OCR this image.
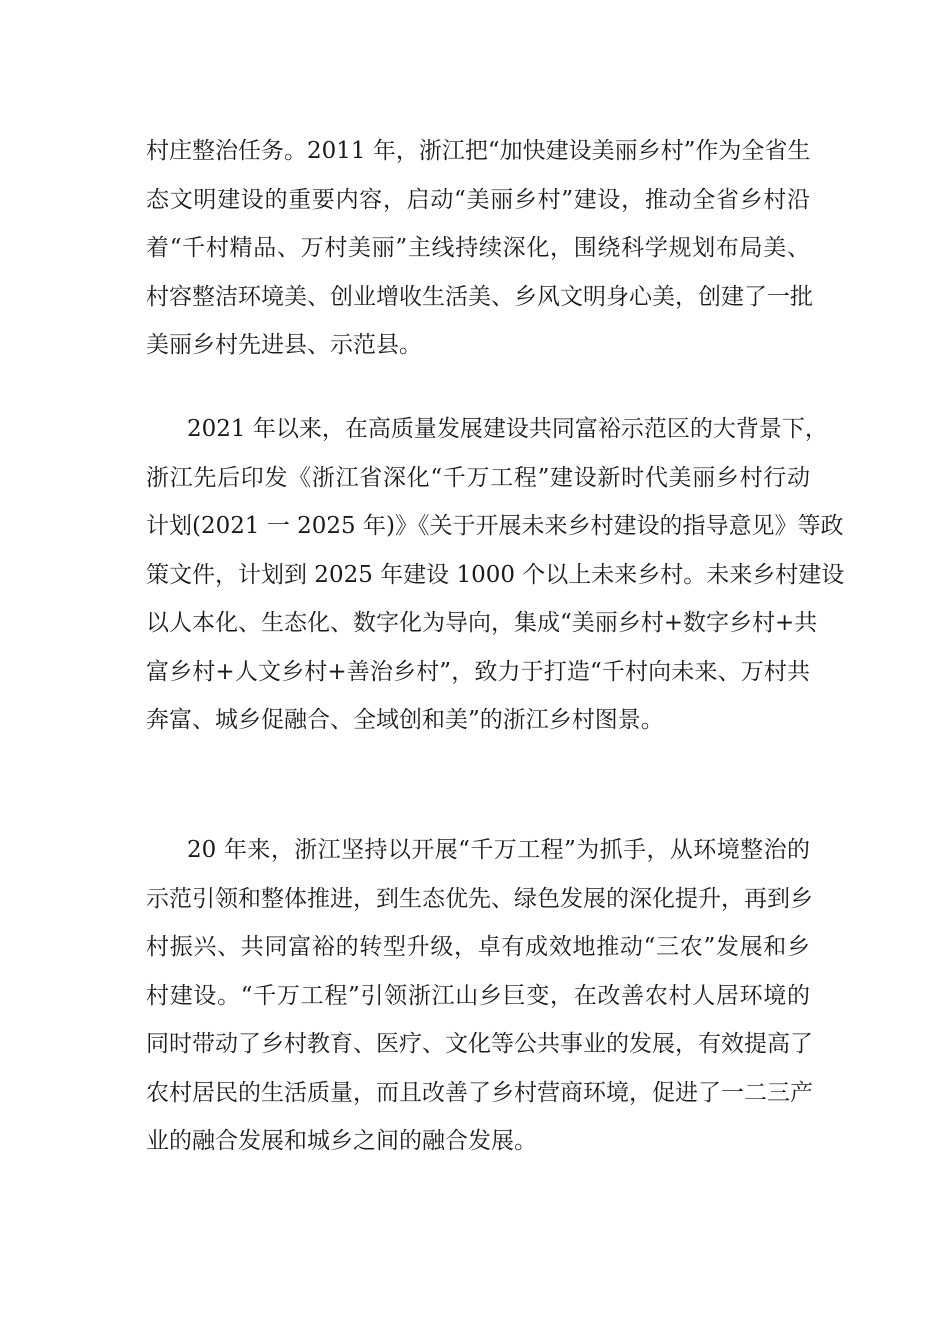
村庄整治任务。2011 年，浙江把“加快建设美丽乡村”作为全省生
态文明建设的重要内容，启动“美丽乡村”建设，推动全省乡村沿
着“千村精品、万村美丽”主线持续深化，围绕科学规划布局美、
村容整洁环境美、创业增收生活美、乡风文明身心美，创建了一批
美丽乡村先进县、示范县。
2021 年以来，在高质量发展建设共同富裕示范区的大背景下，
浙江先后印发《浙江省深化“千万工程”建设新时代美丽乡村行动
计划(2021 一 2025 年)》《关于开展未来乡村建设的指导意见》等政
策文件，计划到 2025 年建设 1000 个以上未来乡村。未来乡村建设
以人本化、生态化、数字化为导向，集成“美丽乡村+数字乡村+共
富乡村+人文乡村+善治乡村”，致力于打造“千村向未来、万村共
奔富、城乡促融合、全域创和美”的浙江乡村图景。
20 年来，浙江坚持以开展“千万工程”为抓手，从环境整治的
示范引领和整体推进，到生态优先、绿色发展的深化提升，再到乡
村振兴、共同富裕的转型升级，卓有成效地推动“三农”发展和乡
村建设。“千万工程”引领浙江山乡巨变，在改善农村人居环境的
同时带动了乡村教育、医疗、文化等公共事业的发展，有效提高了
农村居民的生活质量，而且改善了乡村营商环境，促进了一二三产
业的融合发展和城乡之间的融合发展。
